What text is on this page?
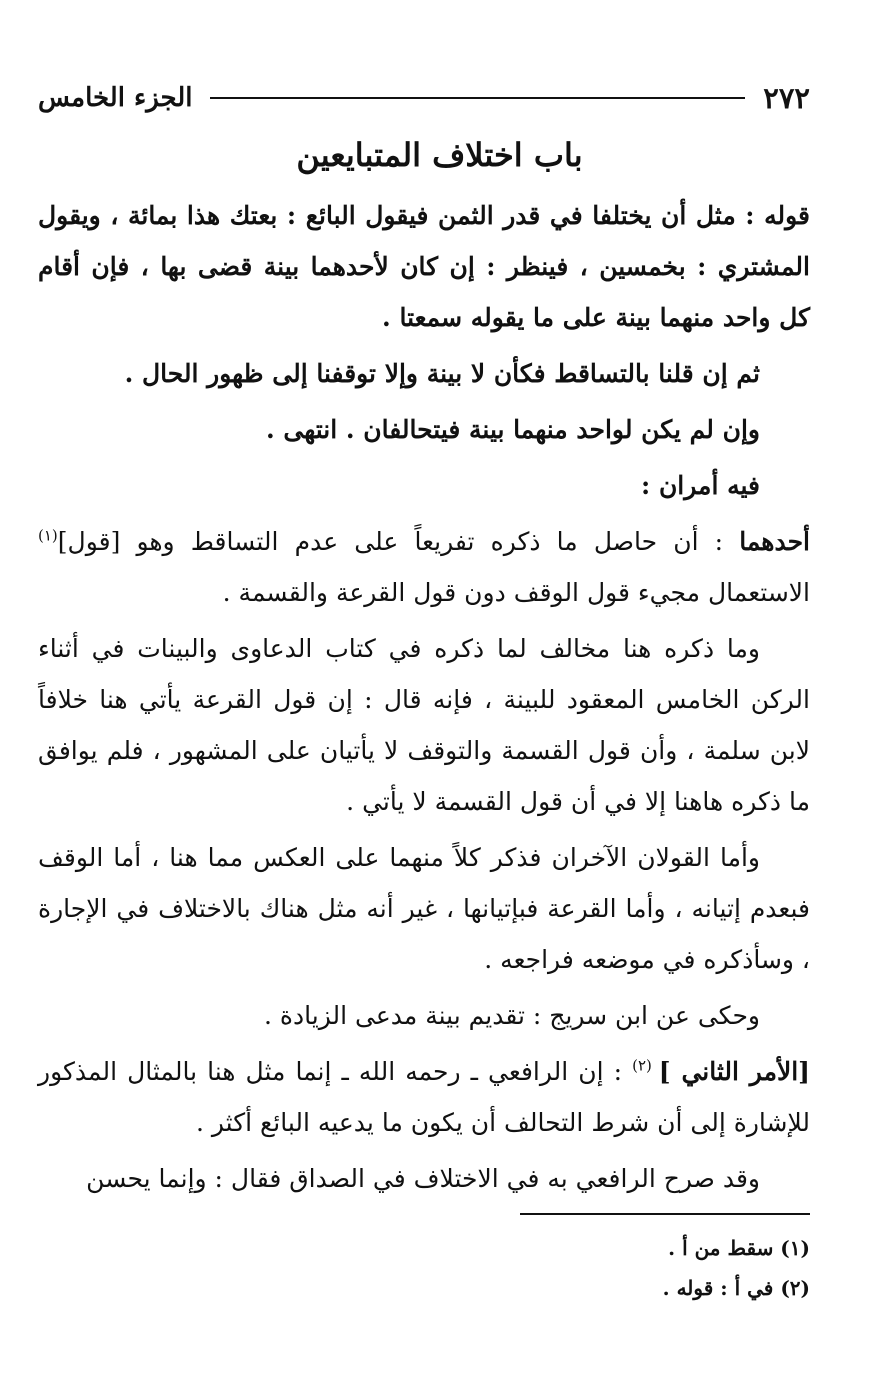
٢٧٢
الجزء الخامس
باب اختلاف المتبايعين

قوله : مثل أن يختلفا في قدر الثمن فيقول البائع : بعتك هذا بمائة ، ويقول المشتري : بخمسين ، فينظر : إن كان لأحدهما بينة قضى بها ، فإن أقام كل واحد منهما بينة على ما يقوله سمعتا .

ثم إن قلنا بالتساقط فكأن لا بينة وإلا توقفنا إلى ظهور الحال .

وإن لم يكن لواحد منهما بينة فيتحالفان . انتهى .

فيه أمران :

أحدهما : أن حاصل ما ذكره تفريعاً على عدم التساقط وهو [قول]$^{(١)}$ الاستعمال مجيء قول الوقف دون قول القرعة والقسمة .

وما ذكره هنا مخالف لما ذكره في كتاب الدعاوى والبينات في أثناء الركن الخامس المعقود للبينة ، فإنه قال : إن قول القرعة يأتي هنا خلافاً لابن سلمة ، وأن قول القسمة والتوقف لا يأتيان على المشهور ، فلم يوافق ما ذكره هاهنا إلا في أن قول القسمة لا يأتي .

وأما القولان الآخران فذكر كلاً منهما على العكس مما هنا ، أما الوقف فبعدم إتيانه ، وأما القرعة فبإتيانها ، غير أنه مثل هناك بالاختلاف في الإجارة ، وسأذكره في موضعه فراجعه .

وحكى عن ابن سريج : تقديم بينة مدعى الزيادة .

[الأمر الثاني ] $^{(٢)}$ : إن الرافعي ـ رحمه الله ـ إنما مثل هنا بالمثال المذكور للإشارة إلى أن شرط التحالف أن يكون ما يدعيه البائع أكثر .

وقد صرح الرافعي به في الاختلاف في الصداق فقال : وإنما يحسن

(١) سقط من أ .

(٢) في أ : قوله .
